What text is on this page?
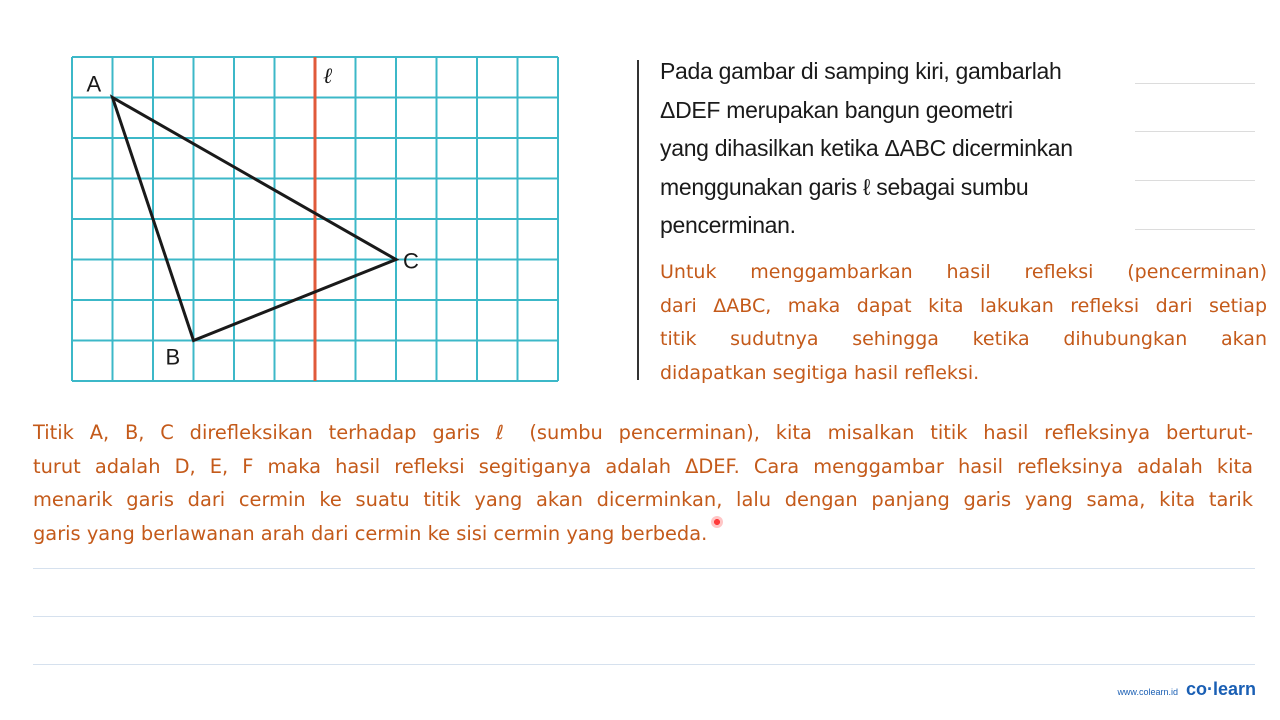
ℓ
A
B
C
Pada gambar di samping kiri, gambarlah
ΔDEF merupakan bangun geometri
yang dihasilkan ketika ΔABC dicerminkan
menggunakan garis ℓ sebagai sumbu
pencerminan.
Untuk menggambarkan hasil refleksi (pencerminan)
dari ΔABC, maka dapat kita lakukan refleksi dari setiap
titik sudutnya sehingga ketika dihubungkan akan
didapatkan segitiga hasil refleksi.
Titik A, B, C direfleksikan terhadap garis ℓ (sumbu pencerminan), kita misalkan titik hasil refleksinya berturut-
turut adalah D, E, F maka hasil refleksi segitiganya adalah ΔDEF. Cara menggambar hasil refleksinya adalah kita
menarik garis dari cermin ke suatu titik yang akan dicerminkan, lalu dengan panjang garis yang sama, kita tarik
garis yang berlawanan arah dari cermin ke sisi cermin yang berbeda.
www.colearn.id co·learn
